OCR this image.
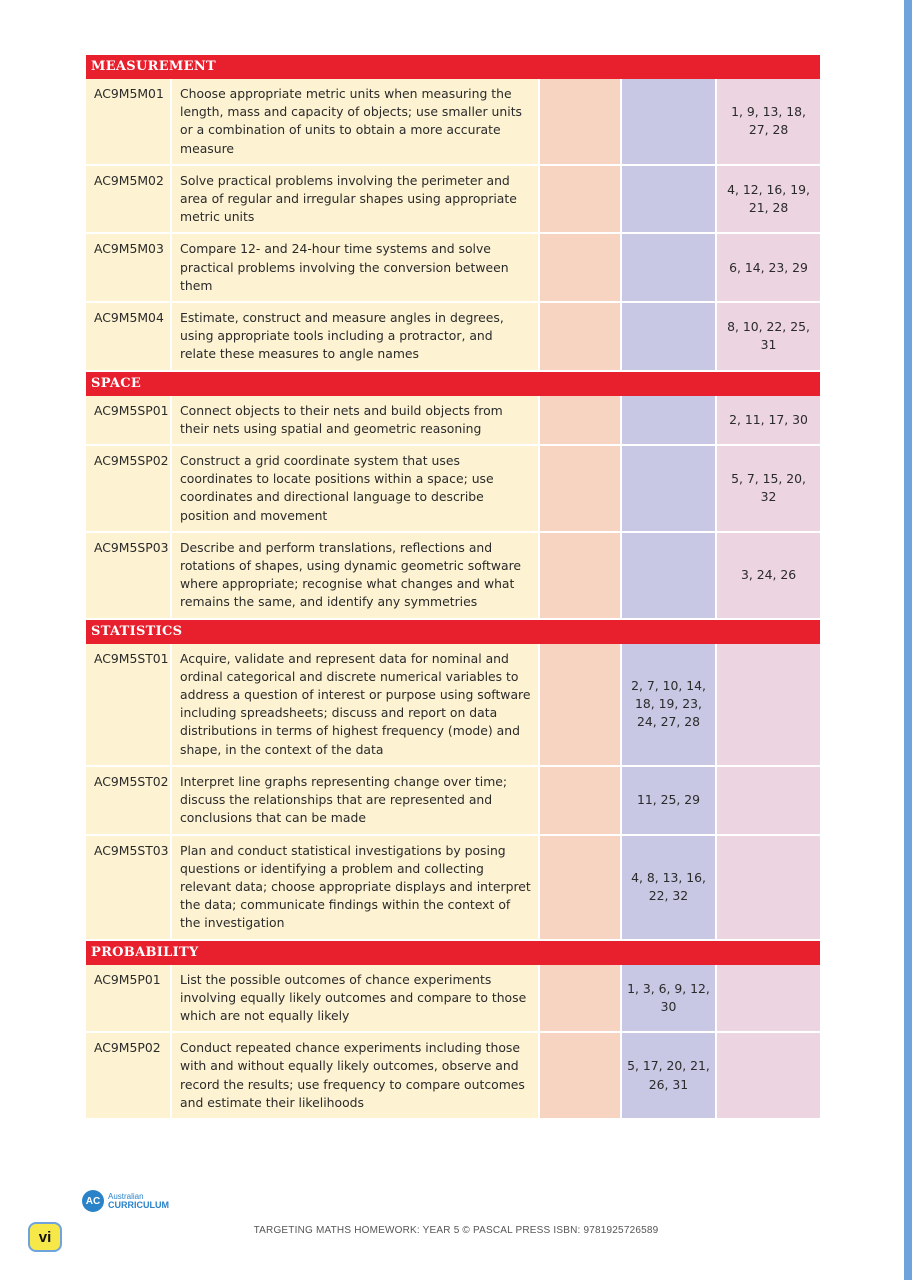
MEASUREMENT				
AC9M5M01	Choose appropriate metric units when measuring the length, mass and capacity of objects; use smaller units or a combination of units to obtain a more accurate measure			1, 9, 13, 18, 27, 28
AC9M5M02	Solve practical problems involving the perimeter and area of regular and irregular shapes using appropriate metric units			4, 12, 16, 19, 21, 28
AC9M5M03	Compare 12- and 24-hour time systems and solve practical problems involving the conversion between them			6, 14, 23, 29
AC9M5M04	Estimate, construct and measure angles in degrees, using appropriate tools including a protractor, and relate these measures to angle names			8, 10, 22, 25, 31
SPACE				
AC9M5SP01	Connect objects to their nets and build objects from their nets using spatial and geometric reasoning			2, 11, 17, 30
AC9M5SP02	Construct a grid coordinate system that uses coordinates to locate positions within a space; use coordinates and directional language to describe position and movement			5, 7, 15, 20, 32
AC9M5SP03	Describe and perform translations, reflections and rotations of shapes, using dynamic geometric software where appropriate; recognise what changes and what remains the same, and identify any symmetries			3, 24, 26
STATISTICS				
AC9M5ST01	Acquire, validate and represent data for nominal and ordinal categorical and discrete numerical variables to address a question of interest or purpose using software including spreadsheets; discuss and report on data distributions in terms of highest frequency (mode) and shape, in the context of the data		2, 7, 10, 14, 18, 19, 23, 24, 27, 28	
AC9M5ST02	Interpret line graphs representing change over time; discuss the relationships that are represented and conclusions that can be made		11, 25, 29	
AC9M5ST03	Plan and conduct statistical investigations by posing questions or identifying a problem and collecting relevant data; choose appropriate displays and interpret the data; communicate findings within the context of the investigation		4, 8, 13, 16, 22, 32	
PROBABILITY				
AC9M5P01	List the possible outcomes of chance experiments involving equally likely outcomes and compare to those which are not equally likely		1, 3, 6, 9, 12, 30	
AC9M5P02	Conduct repeated chance experiments including those with and without equally likely outcomes, observe and record the results; use frequency to compare outcomes and estimate their likelihoods		5, 17, 20, 21, 26, 31	
AC Australian
CURRICULUM
vi	TARGETING MATHS HOMEWORK: YEAR 5 © PASCAL PRESS ISBN: 9781925726589
